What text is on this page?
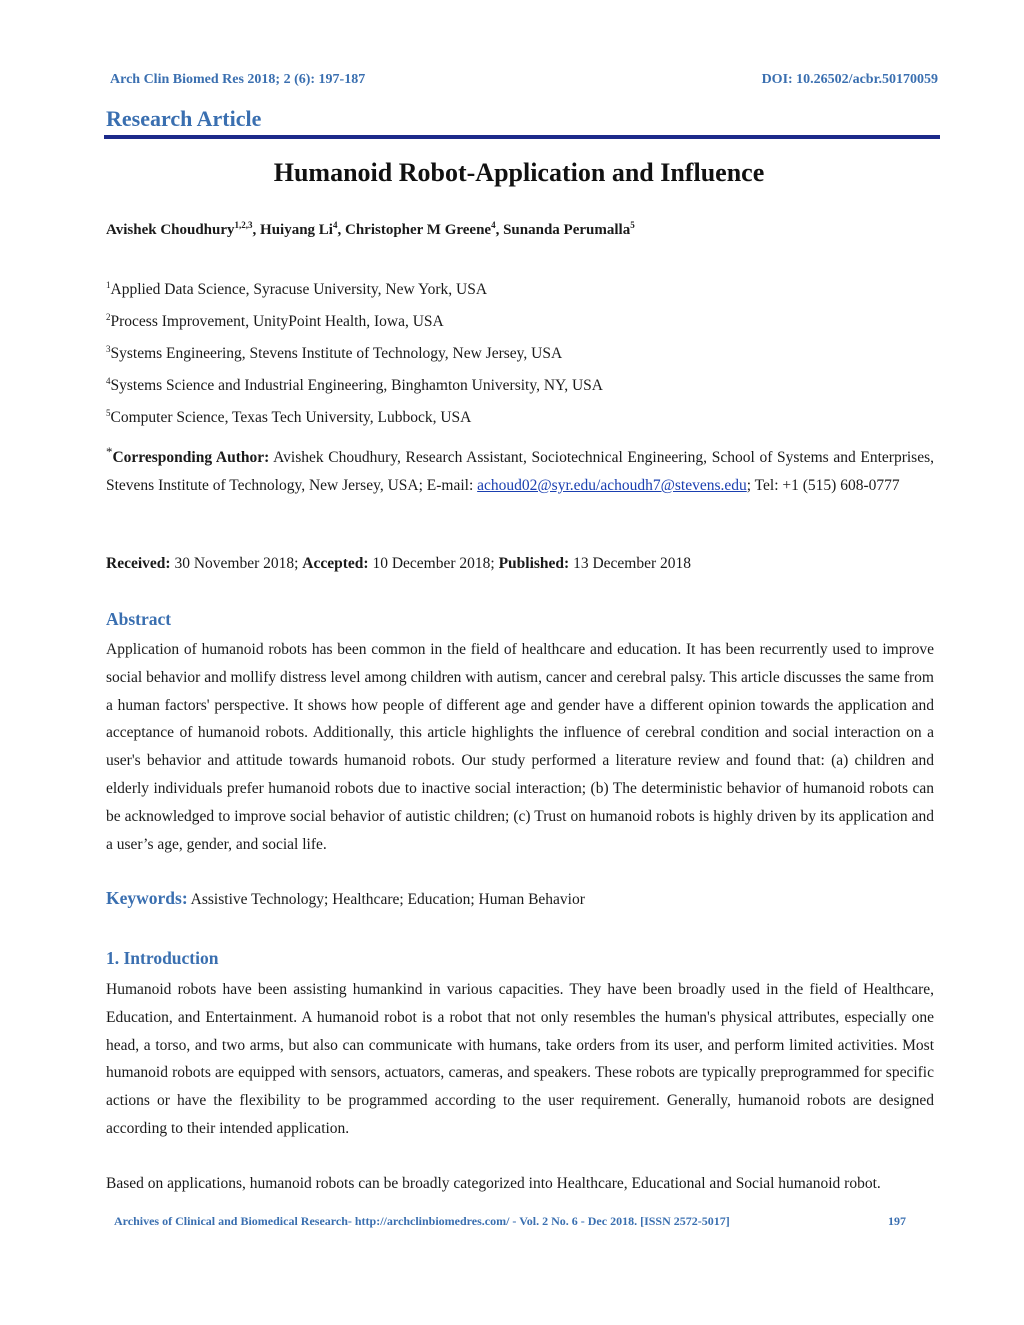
Arch Clin Biomed Res 2018; 2 (6): 197-187	DOI: 10.26502/acbr.50170059
Research Article
Humanoid Robot-Application and Influence
Avishek Choudhury$^{1,2,3}$, Huiyang Li$^4$, Christopher M Greene$^4$, Sunanda Perumalla$^5$
$^1$Applied Data Science, Syracuse University, New York, USA
$^2$Process Improvement, UnityPoint Health, Iowa, USA
$^3$Systems Engineering, Stevens Institute of Technology, New Jersey, USA
$^4$Systems Science and Industrial Engineering, Binghamton University, NY, USA
$^5$Computer Science, Texas Tech University, Lubbock, USA
*Corresponding Author: Avishek Choudhury, Research Assistant, Sociotechnical Engineering, School of Systems and Enterprises, Stevens Institute of Technology, New Jersey, USA; E-mail: achoud02@syr.edu/achoudh7@stevens.edu; Tel: +1 (515) 608-0777
Received: 30 November 2018; Accepted: 10 December 2018; Published: 13 December 2018
Abstract
Application of humanoid robots has been common in the field of healthcare and education. It has been recurrently used to improve social behavior and mollify distress level among children with autism, cancer and cerebral palsy. This article discusses the same from a human factors' perspective. It shows how people of different age and gender have a different opinion towards the application and acceptance of humanoid robots. Additionally, this article highlights the influence of cerebral condition and social interaction on a user's behavior and attitude towards humanoid robots. Our study performed a literature review and found that: (a) children and elderly individuals prefer humanoid robots due to inactive social interaction; (b) The deterministic behavior of humanoid robots can be acknowledged to improve social behavior of autistic children; (c) Trust on humanoid robots is highly driven by its application and a user’s age, gender, and social life.
Keywords: Assistive Technology; Healthcare; Education; Human Behavior
1. Introduction
Humanoid robots have been assisting humankind in various capacities. They have been broadly used in the field of Healthcare, Education, and Entertainment. A humanoid robot is a robot that not only resembles the human's physical attributes, especially one head, a torso, and two arms, but also can communicate with humans, take orders from its user, and perform limited activities. Most humanoid robots are equipped with sensors, actuators, cameras, and speakers. These robots are typically preprogrammed for specific actions or have the flexibility to be programmed according to the user requirement. Generally, humanoid robots are designed according to their intended application.
Based on applications, humanoid robots can be broadly categorized into Healthcare, Educational and Social humanoid robot.
Archives of Clinical and Biomedical Research- http://archclinbiomedres.com/ - Vol. 2 No. 6 - Dec 2018. [ISSN 2572-5017]	197
